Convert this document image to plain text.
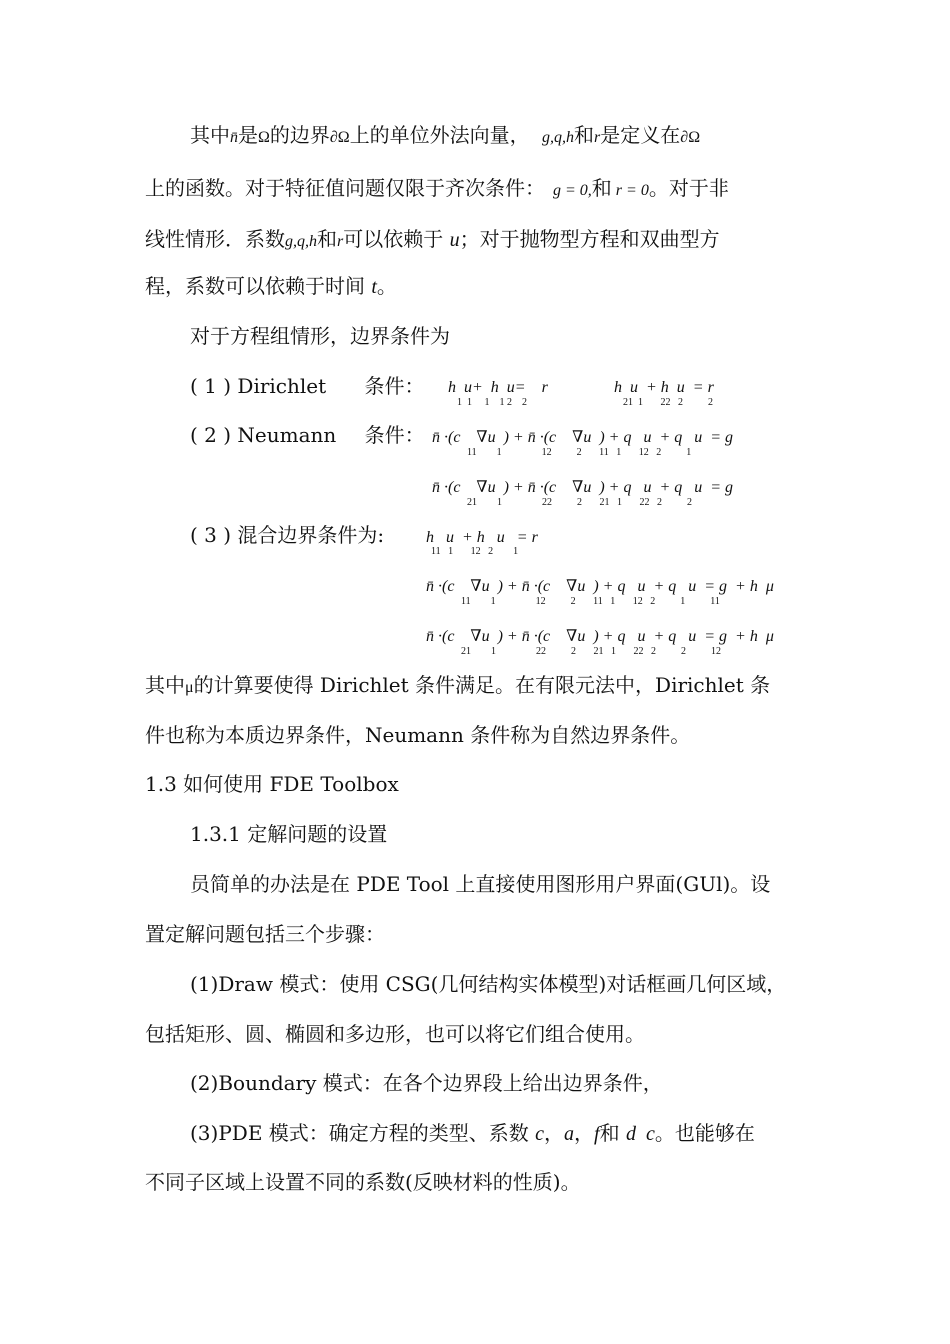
其中n̄是Ω的边界∂Ω上的单位外法向量， g,q,h和r是定义在∂Ω
上的函数。对于特征值问题仅限于齐次条件： g = 0,和 r = 0。对于非
线性情形．系数g,q,h和r可以依赖于 u；对于抛物型方程和双曲型方
程，系数可以依赖于时间 t。
对于方程组情形，边界条件为
( 1 ) Dirichlet 条件： h  u+  h  u=    r
1  1     1    1 2    2
h  u  + h  u  = r
21  1       22   2          2
( 2 ) Neumann 条件： n̄ ·(c    ∇u  ) + n̄ ·(c    ∇u  ) + q   u  + q   u  = g
11        1                12          2       11   1       12   2          1
n̄ ·(c    ∇u  ) + n̄ ·(c    ∇u  ) + q   u  + q   u  = g
21        1                22          2       21   1       22   2          2
( 3 ) 混合边界条件为:	h   u  + h   u   = r
11   1       12   2        1
n̄ ·(c    ∇u  ) + n̄ ·(c    ∇u  ) + q   u  + q   u  = g  + h  μ
11        1                12          2       11   1       12   2          1          11
n̄ ·(c    ∇u  ) + n̄ ·(c    ∇u  ) + q   u  + q   u  = g  + h  μ
21        1                22          2       21   1       22   2          2          12
其中μ的计算要使得 Dirichlet 条件满足。在有限元法中，Dirichlet 条
件也称为本质边界条件，Neumann 条件称为自然边界条件。
1.3 如何使用 FDE Toolbox
1.3.1 定解问题的设置
员简单的办法是在 PDE Tool 上直接使用图形用户界面(GUl)。设
置定解问题包括三个步骤：
(1)Draw 模式：使用 CSG(几何结构实体模型)对话框画几何区域，
包括矩形、圆、椭圆和多边形，也可以将它们组合使用。
(2)Boundary 模式：在各个边界段上给出边界条件，
(3)PDE 模式：确定方程的类型、系数 c，a，f和 d  c。也能够在
不同子区域上设置不同的系数(反映材料的性质)。
